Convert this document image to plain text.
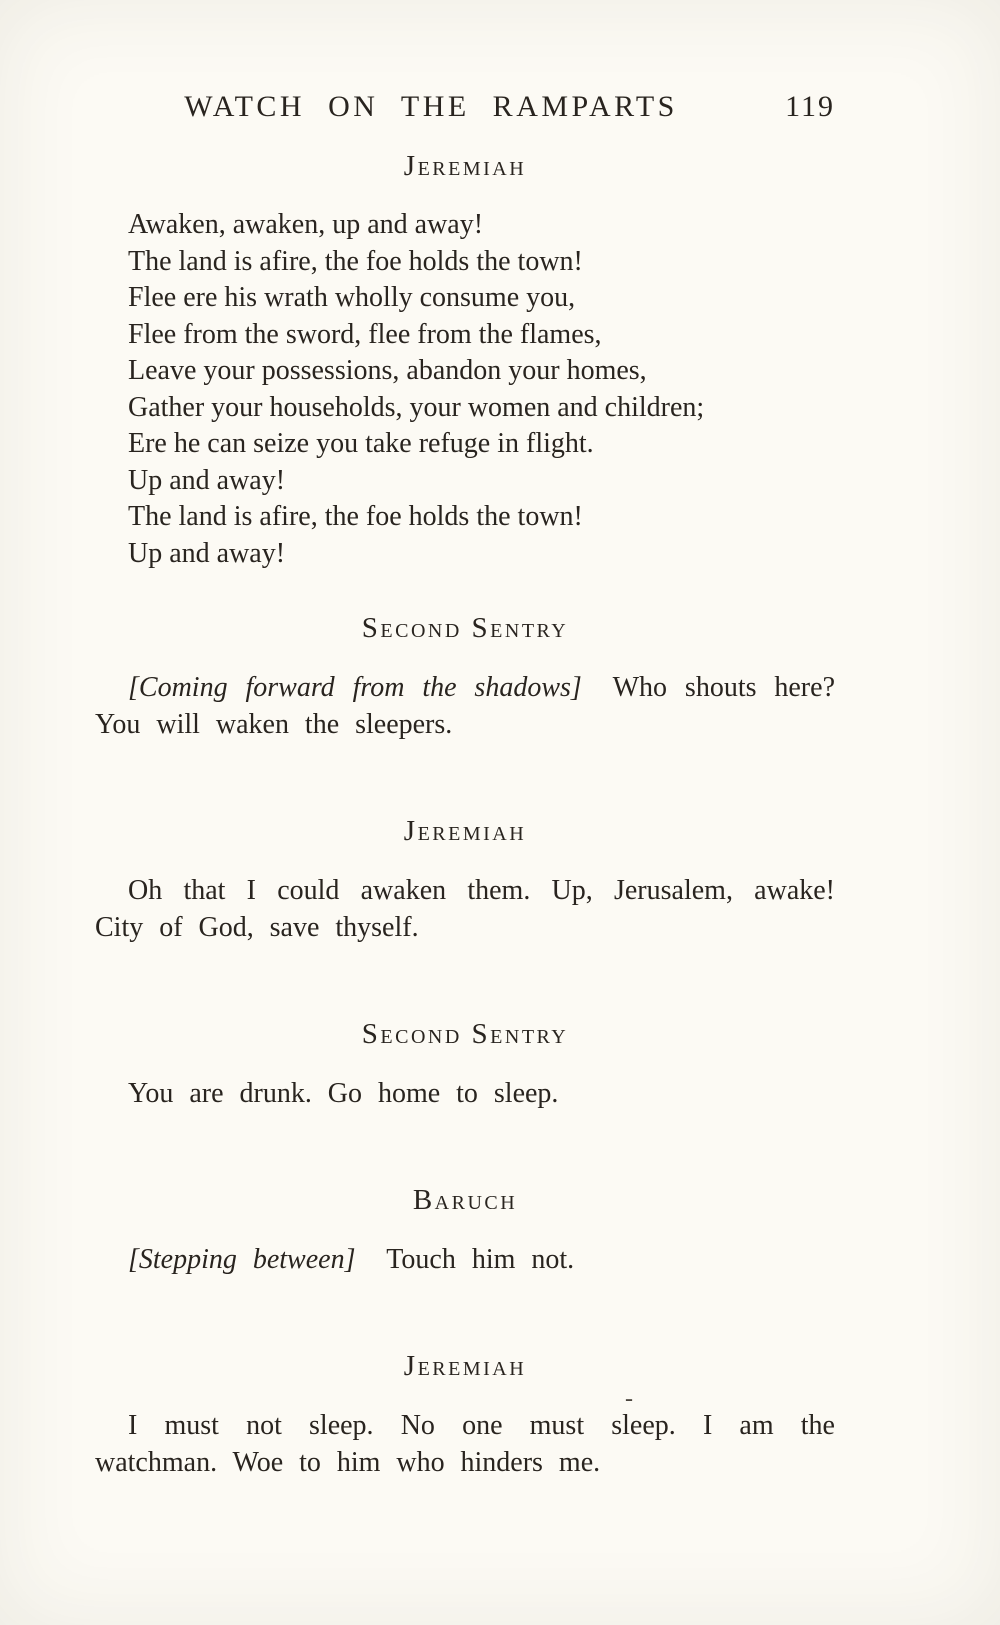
WATCH ON THE RAMPARTS	119
Jeremiah
Awaken, awaken, up and away!
The land is afire, the foe holds the town!
Flee ere his wrath wholly consume you,
Flee from the sword, flee from the flames,
Leave your possessions, abandon your homes,
Gather your households, your women and children;
Ere he can seize you take refuge in flight.
Up and away!
The land is afire, the foe holds the town!
Up and away!
Second Sentry

[Coming forward from the shadows] Who shouts here? You will waken the sleepers.

Jeremiah

Oh that I could awaken them. Up, Jerusalem, awake! City of God, save thyself.

Second Sentry

You are drunk. Go home to sleep.

Baruch

[Stepping between] Touch him not.

Jeremiah

I must not sleep. No one must sleep. I am the watchman. Woe to him who hinders me.

-
